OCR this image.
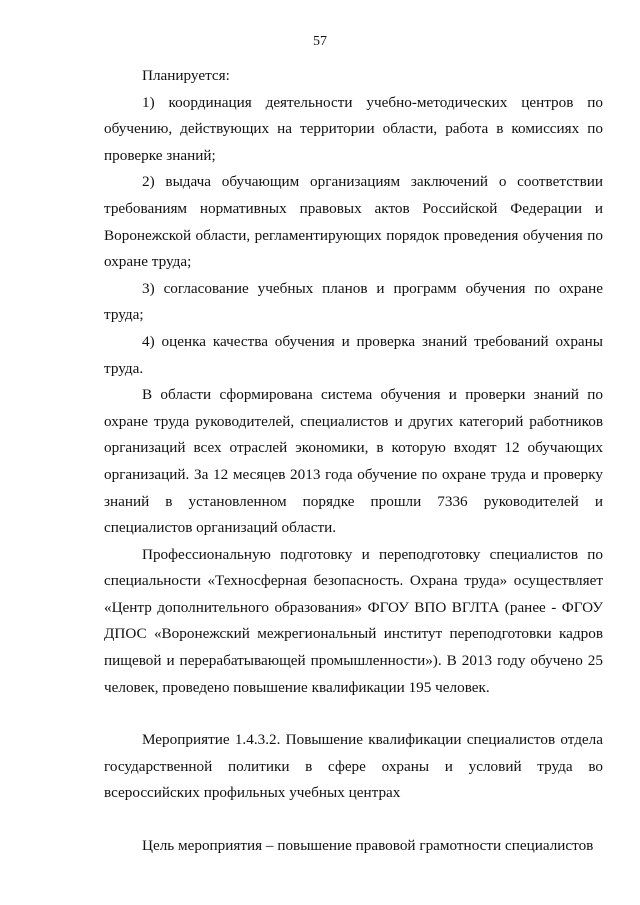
57

Планируется:

1) координация деятельности учебно-методических центров по обучению, действующих на территории области, работа в комиссиях по проверке знаний;

2) выдача обучающим организациям заключений о соответствии требованиям нормативных правовых актов Российской Федерации и Воронежской области, регламентирующих порядок проведения обучения по охране труда;

3) согласование учебных планов и программ обучения по охране труда;

4) оценка качества обучения и проверка знаний требований охраны труда.

В области сформирована система обучения и проверки знаний по охране труда руководителей, специалистов и других категорий работников организаций всех отраслей экономики, в которую входят 12 обучающих организаций. За 12 месяцев 2013 года обучение по охране труда и проверку знаний в установленном порядке прошли 7336 руководителей и специалистов организаций области.

Профессиональную подготовку и переподготовку специалистов по специальности «Техносферная безопасность. Охрана труда» осуществляет «Центр дополнительного образования» ФГОУ ВПО ВГЛТА (ранее - ФГОУ ДПОС «Воронежский межрегиональный институт переподготовки кадров пищевой и перерабатывающей промышленности»). В 2013 году обучено 25 человек, проведено повышение квалификации 195 человек.

Мероприятие 1.4.3.2. Повышение квалификации специалистов отдела государственной политики в сфере охраны и условий труда во всероссийских профильных учебных центрах

Цель мероприятия – повышение правовой грамотности специалистов
